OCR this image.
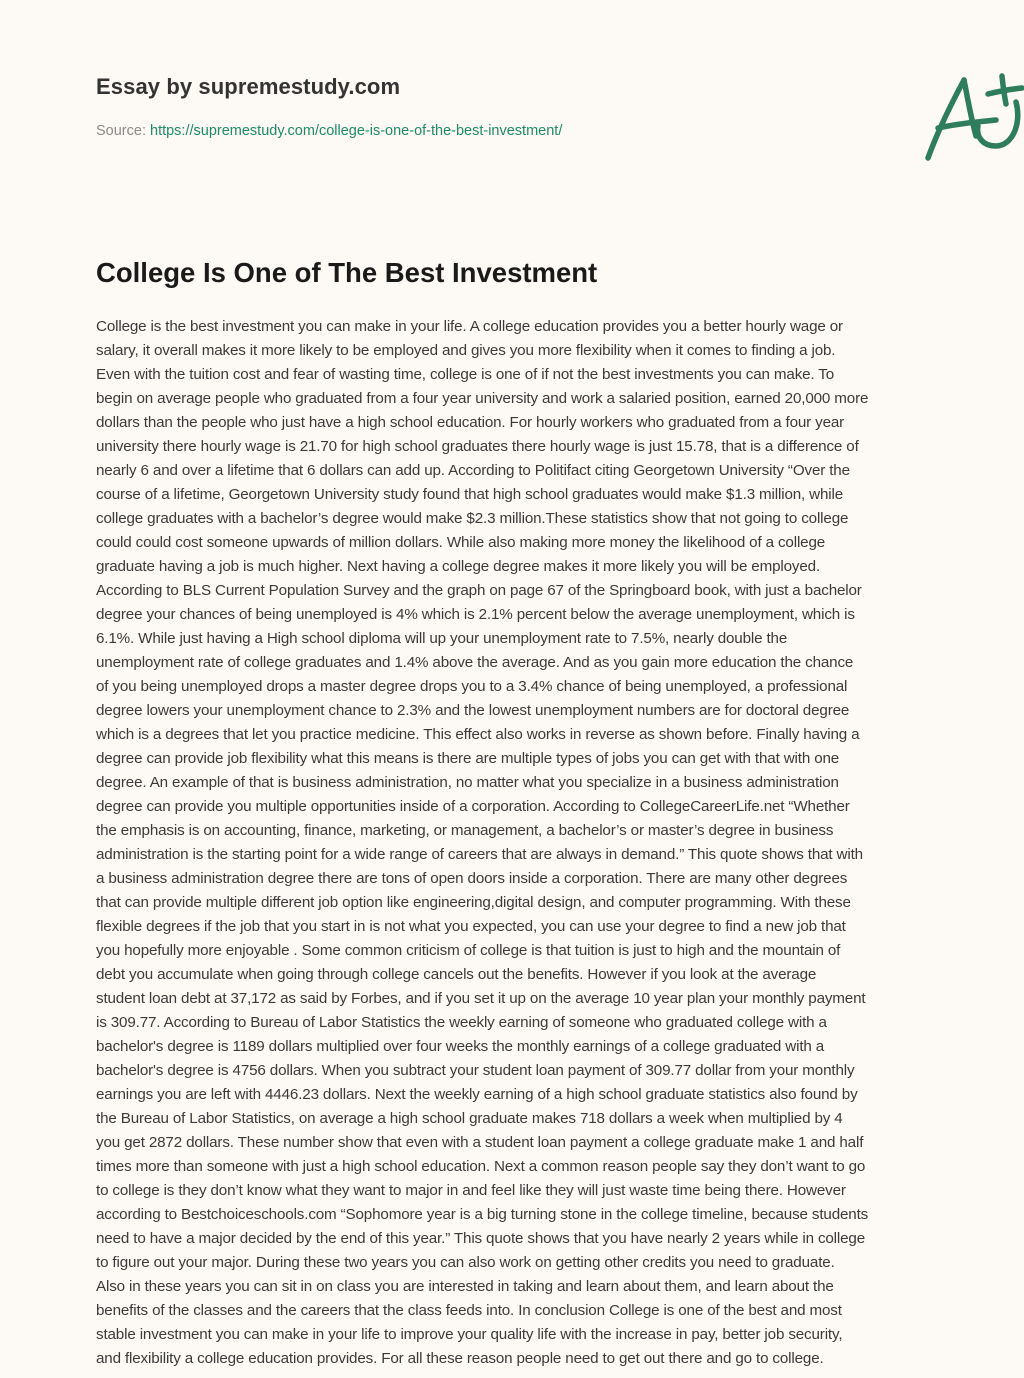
Essay by supremestudy.com
Source: https://supremestudy.com/college-is-one-of-the-best-investment/
College Is One of The Best Investment
College is the best investment you can make in your life. A college education provides you a better hourly wage or
salary, it overall makes it more likely to be employed and gives you more flexibility when it comes to finding a job.
Even with the tuition cost and fear of wasting time, college is one of if not the best investments you can make. To
begin on average people who graduated from a four year university and work a salaried position, earned 20,000 more
dollars than the people who just have a high school education. For hourly workers who graduated from a four year
university there hourly wage is 21.70 for high school graduates there hourly wage is just 15.78, that is a difference of
nearly 6 and over a lifetime that 6 dollars can add up. According to Politifact citing Georgetown University “Over the
course of a lifetime, Georgetown University study found that high school graduates would make $1.3 million, while
college graduates with a bachelor’s degree would make $2.3 million.These statistics show that not going to college
could could cost someone upwards of million dollars. While also making more money the likelihood of a college
graduate having a job is much higher. Next having a college degree makes it more likely you will be employed.
According to BLS Current Population Survey and the graph on page 67 of the Springboard book, with just a bachelor
degree your chances of being unemployed is 4% which is 2.1% percent below the average unemployment, which is
6.1%. While just having a High school diploma will up your unemployment rate to 7.5%, nearly double the
unemployment rate of college graduates and 1.4% above the average. And as you gain more education the chance
of you being unemployed drops a master degree drops you to a 3.4% chance of being unemployed, a professional
degree lowers your unemployment chance to 2.3% and the lowest unemployment numbers are for doctoral degree
which is a degrees that let you practice medicine. This effect also works in reverse as shown before. Finally having a
degree can provide job flexibility what this means is there are multiple types of jobs you can get with that with one
degree. An example of that is business administration, no matter what you specialize in a business administration
degree can provide you multiple opportunities inside of a corporation. According to CollegeCareerLife.net “Whether
the emphasis is on accounting, finance, marketing, or management, a bachelor’s or master’s degree in business
administration is the starting point for a wide range of careers that are always in demand.” This quote shows that with
a business administration degree there are tons of open doors inside a corporation. There are many other degrees
that can provide multiple different job option like engineering,digital design, and computer programming. With these
flexible degrees if the job that you start in is not what you expected, you can use your degree to find a new job that
you hopefully more enjoyable . Some common criticism of college is that tuition is just to high and the mountain of
debt you accumulate when going through college cancels out the benefits. However if you look at the average
student loan debt at 37,172 as said by Forbes, and if you set it up on the average 10 year plan your monthly payment
is 309.77. According to Bureau of Labor Statistics the weekly earning of someone who graduated college with a
bachelor's degree is 1189 dollars multiplied over four weeks the monthly earnings of a college graduated with a
bachelor's degree is 4756 dollars. When you subtract your student loan payment of 309.77 dollar from your monthly
earnings you are left with 4446.23 dollars. Next the weekly earning of a high school graduate statistics also found by
the Bureau of Labor Statistics, on average a high school graduate makes 718 dollars a week when multiplied by 4
you get 2872 dollars. These number show that even with a student loan payment a college graduate make 1 and half
times more than someone with just a high school education. Next a common reason people say they don’t want to go
to college is they don’t know what they want to major in and feel like they will just waste time being there. However
according to Bestchoiceschools.com “Sophomore year is a big turning stone in the college timeline, because students
need to have a major decided by the end of this year.” This quote shows that you have nearly 2 years while in college
to figure out your major. During these two years you can also work on getting other credits you need to graduate.
Also in these years you can sit in on class you are interested in taking and learn about them, and learn about the
benefits of the classes and the careers that the class feeds into. In conclusion College is one of the best and most
stable investment you can make in your life to improve your quality life with the increase in pay, better job security,
and flexibility a college education provides. For all these reason people need to get out there and go to college.
